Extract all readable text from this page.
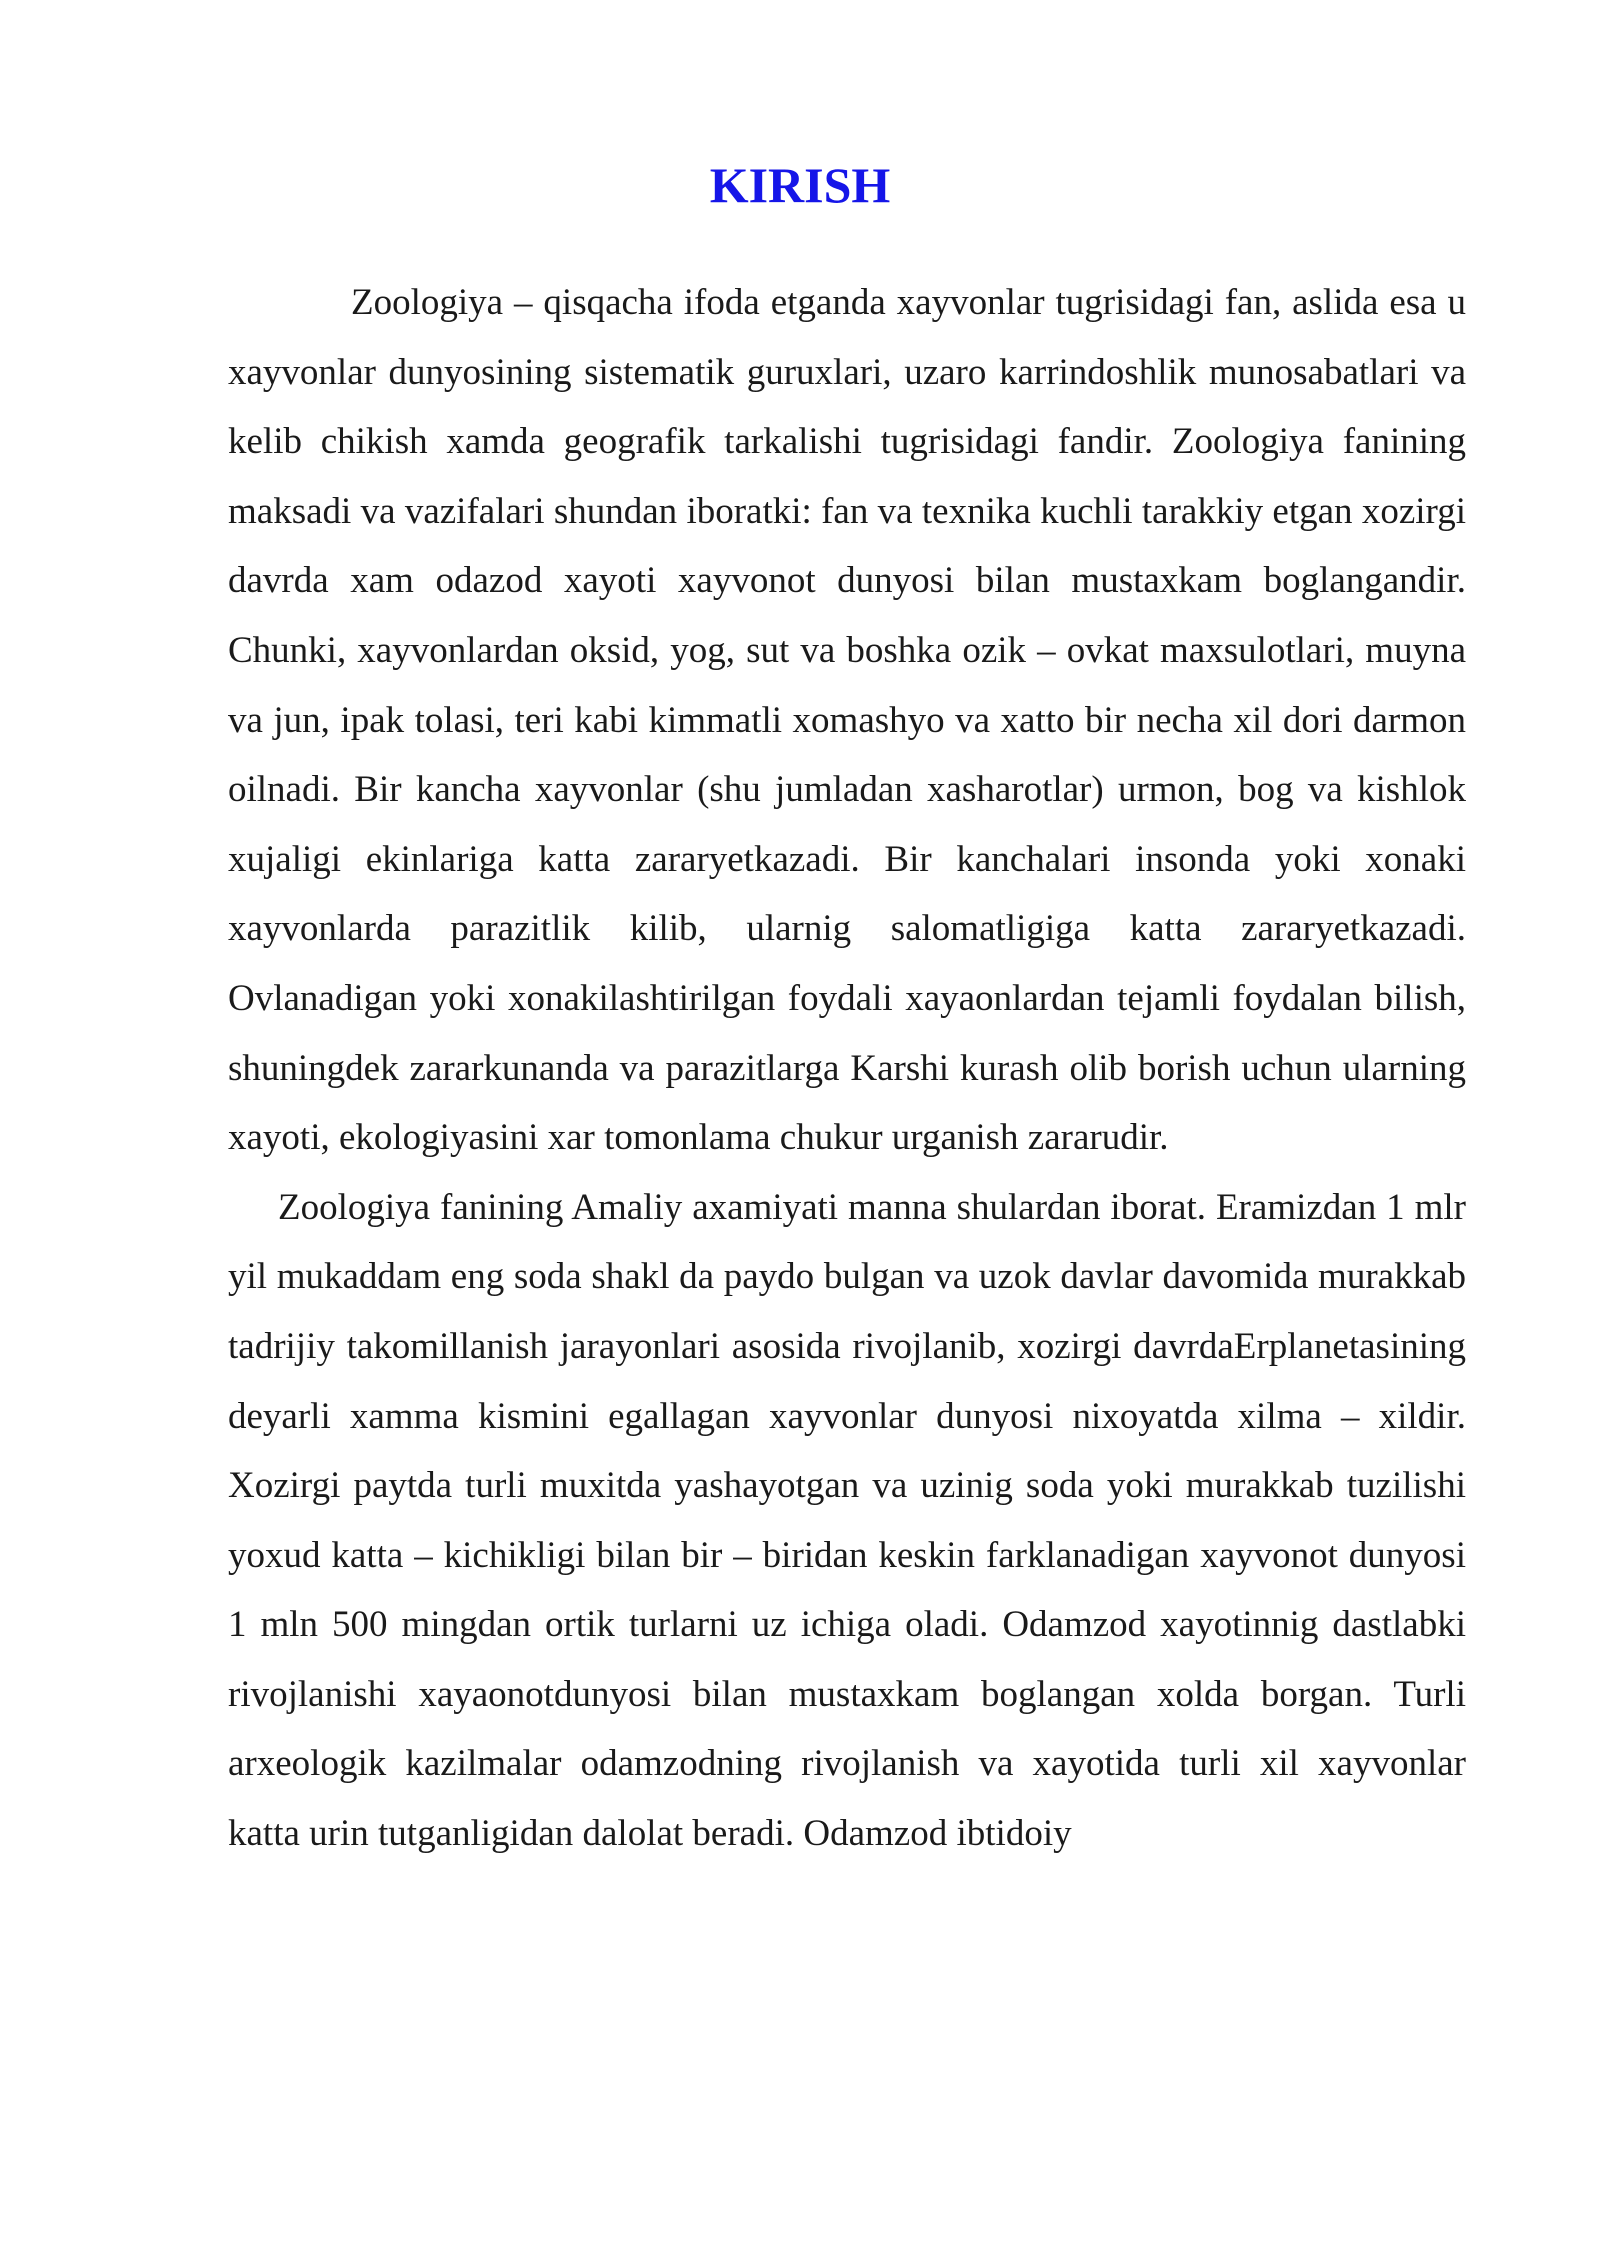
KIRISH

Zoologiya – qisqacha ifoda etganda xayvonlar tugrisidagi fan, aslida esa u xayvonlar dunyosining sistematik guruxlari, uzaro karrindoshlik munosabatlari va kelib chikish xamda geografik tarkalishi tugrisidagi fandir. Zoologiya fanining maksadi va vazifalari shundan iboratki: fan va texnika kuchli tarakkiy etgan xozirgi davrda xam odazod xayoti xayvonot dunyosi bilan mustaxkam boglangandir. Chunki, xayvonlardan oksid, yog, sut va boshka ozik – ovkat maxsulotlari, muyna va jun, ipak tolasi, teri kabi kimmatli xomashyo va xatto bir necha xil dori darmon oilnadi. Bir kancha xayvonlar (shu jumladan xasharotlar) urmon, bog va kishlok xujaligi ekinlariga katta zararyetkazadi. Bir kanchalari insonda yoki xonaki xayvonlarda parazitlik kilib, ularnig salomatligiga katta zararyetkazadi. Ovlanadigan yoki xonakilashtirilgan foydali xayaonlardan tejamli foydalan bilish, shuningdek zararkunanda va parazitlarga Karshi kurash olib borish uchun ularning xayoti, ekologiyasini xar tomonlama chukur urganish zararudir.

Zoologiya fanining Amaliy axamiyati manna shulardan iborat. Eramizdan 1 mlr yil mukaddam eng soda shakl da paydo bulgan va uzok davlar davomida murakkab tadrijiy takomillanish jarayonlari asosida rivojlanib, xozirgi davrdaErplanetasining deyarli xamma kismini egallagan xayvonlar dunyosi nixoyatda xilma – xildir. Xozirgi paytda turli muxitda yashayotgan va uzinig soda yoki murakkab tuzilishi yoxud katta – kichikligi bilan bir – biridan keskin farklanadigan xayvonot dunyosi 1 mln 500 mingdan ortik turlarni uz ichiga oladi. Odamzod xayotinnig dastlabki rivojlanishi xayaonotdunyosi bilan mustaxkam boglangan xolda borgan. Turli arxeologik kazilmalar odamzodning rivojlanish va xayotida turli xil xayvonlar katta urin tutganligidan dalolat beradi. Odamzod ibtidoiy
